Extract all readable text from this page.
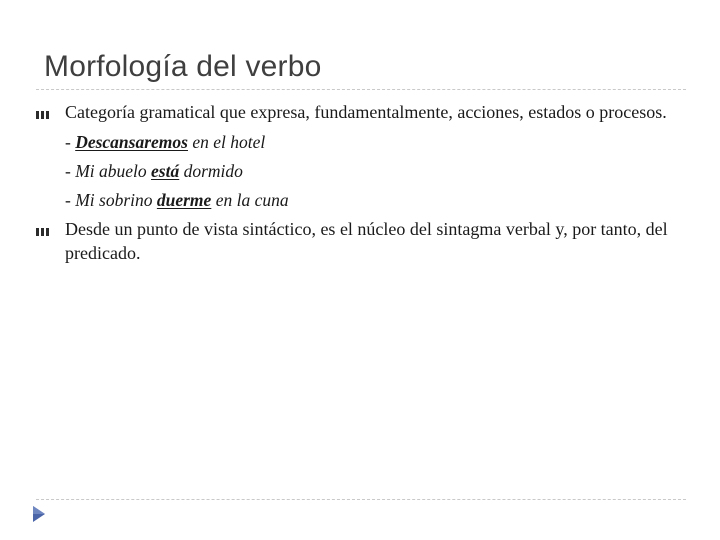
Morfología del verbo
Categoría gramatical que expresa, fundamentalmente, acciones, estados o procesos.
- Descansaremos en el hotel
- Mi abuelo está dormido
- Mi sobrino duerme en la cuna
Desde un punto de vista sintáctico, es el núcleo del sintagma verbal y, por tanto, del predicado.
